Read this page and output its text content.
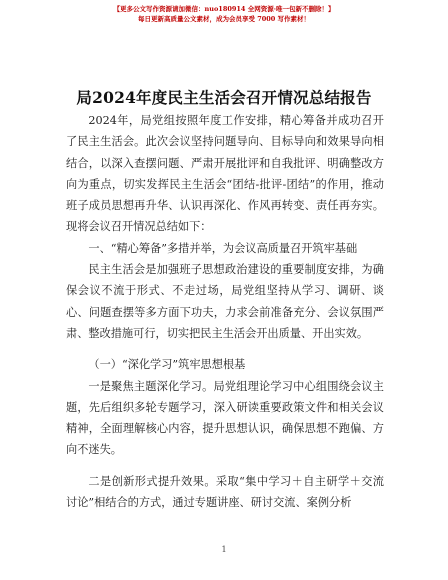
【更多公文写作资源请加微信：nuo180914 全网资源·唯一包新不删除！】
每日更新高质量公文素材，成为会员享受 7000 写作素材！
局2024年度民主生活会召开情况总结报告

2024年，局党组按照年度工作安排，精心筹备并成功召开了民主生活会。此次会议坚持问题导向、目标导向和效果导向相结合，以深入查摆问题、严肃开展批评和自我批评、明确整改方向为重点，切实发挥民主生活会“团结-批评-团结”的作用，推动班子成员思想再升华、认识再深化、作风再转变、责任再夯实。现将会议召开情况总结如下：

一、“精心筹备”多措并举，为会议高质量召开筑牢基础

民主生活会是加强班子思想政治建设的重要制度安排，为确保会议不流于形式、不走过场，局党组坚持从学习、调研、谈心、问题查摆等多方面下功夫，力求会前准备充分、会议氛围严肃、整改措施可行，切实把民主生活会开出质量、开出实效。

（一）“深化学习”筑牢思想根基

一是聚焦主题深化学习。局党组理论学习中心组围绕会议主题，先后组织多轮专题学习，深入研读重要政策文件和相关会议精神，全面理解核心内容，提升思想认识，确保思想不跑偏、方向不迷失。

二是创新形式提升效果。采取“集中学习＋自主研学＋交流讨论”相结合的方式，通过专题讲座、研讨交流、案例分析

1
